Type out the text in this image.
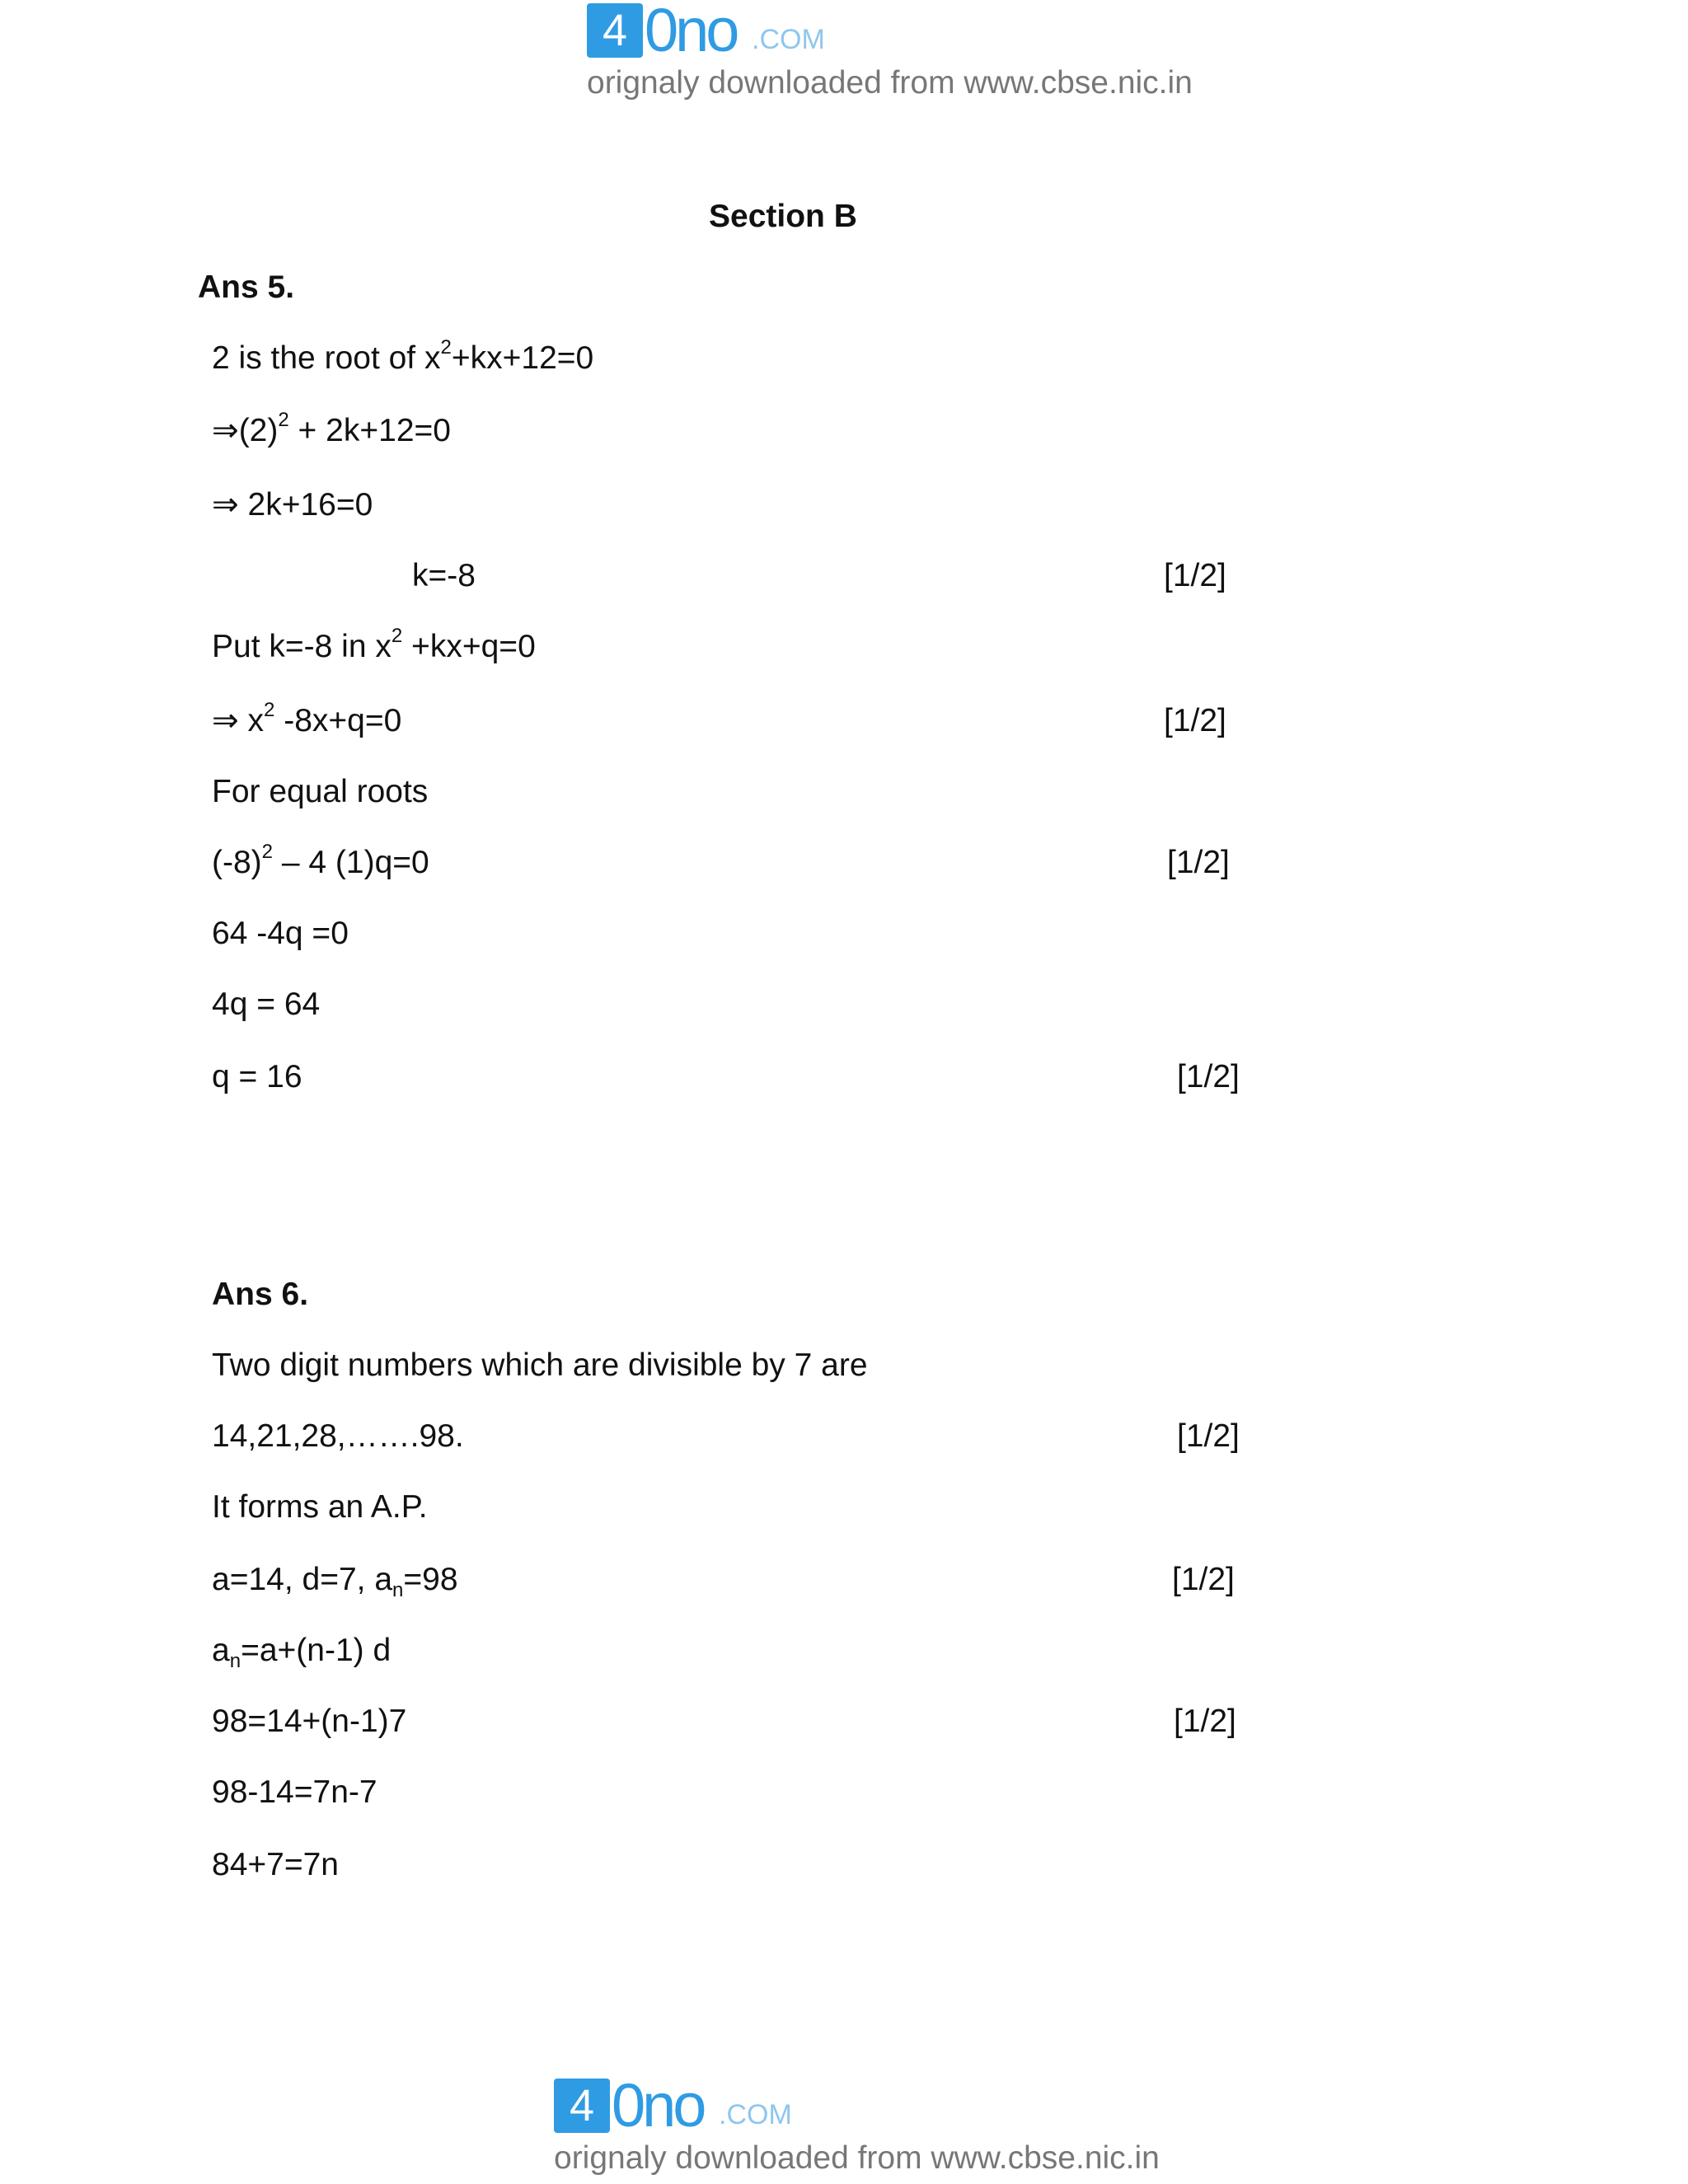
4 0no .COM
orignaly downloaded from www.cbse.nic.in
Section B
Ans 5.
2 is the root of $x^2+kx+12=0$
$\Rightarrow(2)^2 + 2k+12=0$
⇒ 2k+16=0
k=-8	[1/2]
Put k=-8 in $x^2 +kx+q=0$
⇒ $x^2$ -8x+q=0	[1/2]
For equal roots
$(-8)^2 - 4$ (1)q=0	[1/2]
64 -4q =0
4q = 64
q = 16	[1/2]
Ans 6.
Two digit numbers which are divisible by 7 are
14,21,28,…….98.	[1/2]
It forms an A.P.
a=14, d=7, $a_n=98$	[1/2]
$a_n=a+(n-1)$ d
98=14+(n-1)7	[1/2]
98-14=7n-7
84+7=7n
4 0no .COM
orignaly downloaded from www.cbse.nic.in
